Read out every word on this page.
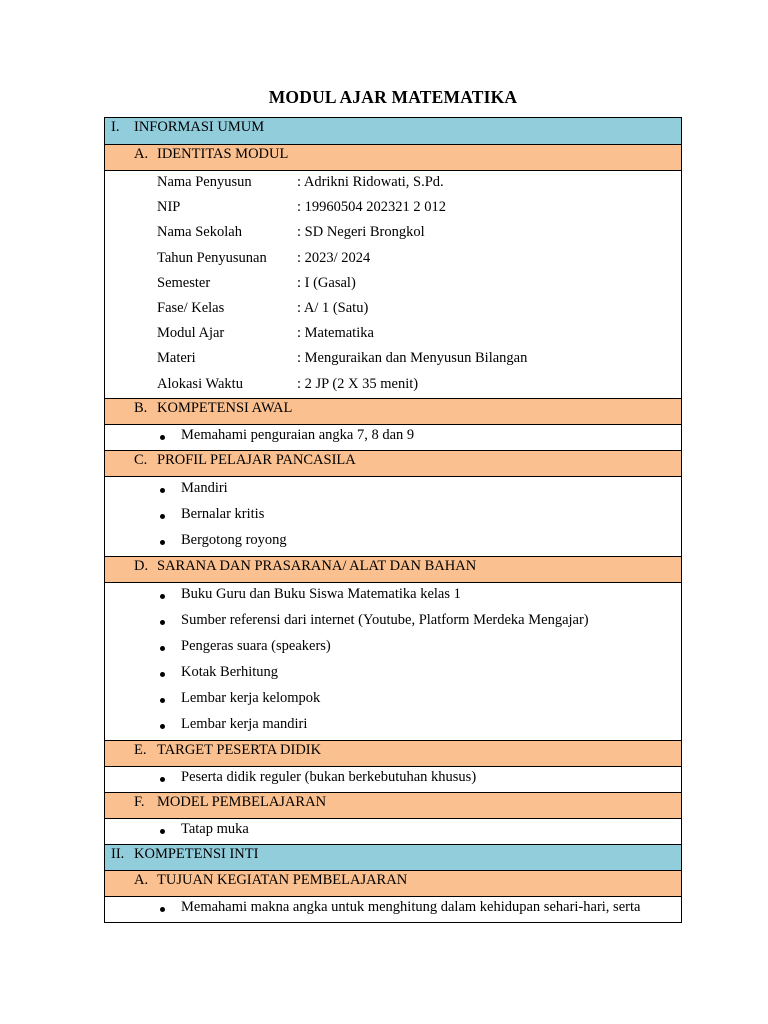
MODUL AJAR MATEMATIKA
I. INFORMASI UMUM
A. IDENTITAS MODUL
Nama Penyusun	: Adrikni Ridowati, S.Pd.
NIP	: 19960504 202321 2 012
Nama Sekolah	: SD Negeri Brongkol
Tahun Penyusunan : 2023/ 2024
Semester	: I (Gasal)
Fase/ Kelas	: A/ 1 (Satu)
Modul Ajar	: Matematika
Materi	: Menguraikan dan Menyusun Bilangan
Alokasi Waktu	: 2 JP (2 X 35 menit)
B. KOMPETENSI AWAL
Memahami penguraian angka 7, 8 dan 9
C. PROFIL PELAJAR PANCASILA
Mandiri
Bernalar kritis
Bergotong royong
D. SARANA DAN PRASARANA/ ALAT DAN BAHAN
Buku Guru dan Buku Siswa Matematika kelas 1
Sumber referensi dari internet (Youtube, Platform Merdeka Mengajar)
Pengeras suara (speakers)
Kotak Berhitung
Lembar kerja kelompok
Lembar kerja mandiri
E. TARGET PESERTA DIDIK
Peserta didik reguler (bukan berkebutuhan khusus)
F. MODEL PEMBELAJARAN
Tatap muka
II. KOMPETENSI INTI
A. TUJUAN KEGIATAN PEMBELAJARAN
Memahami makna angka untuk menghitung dalam kehidupan sehari-hari, serta
